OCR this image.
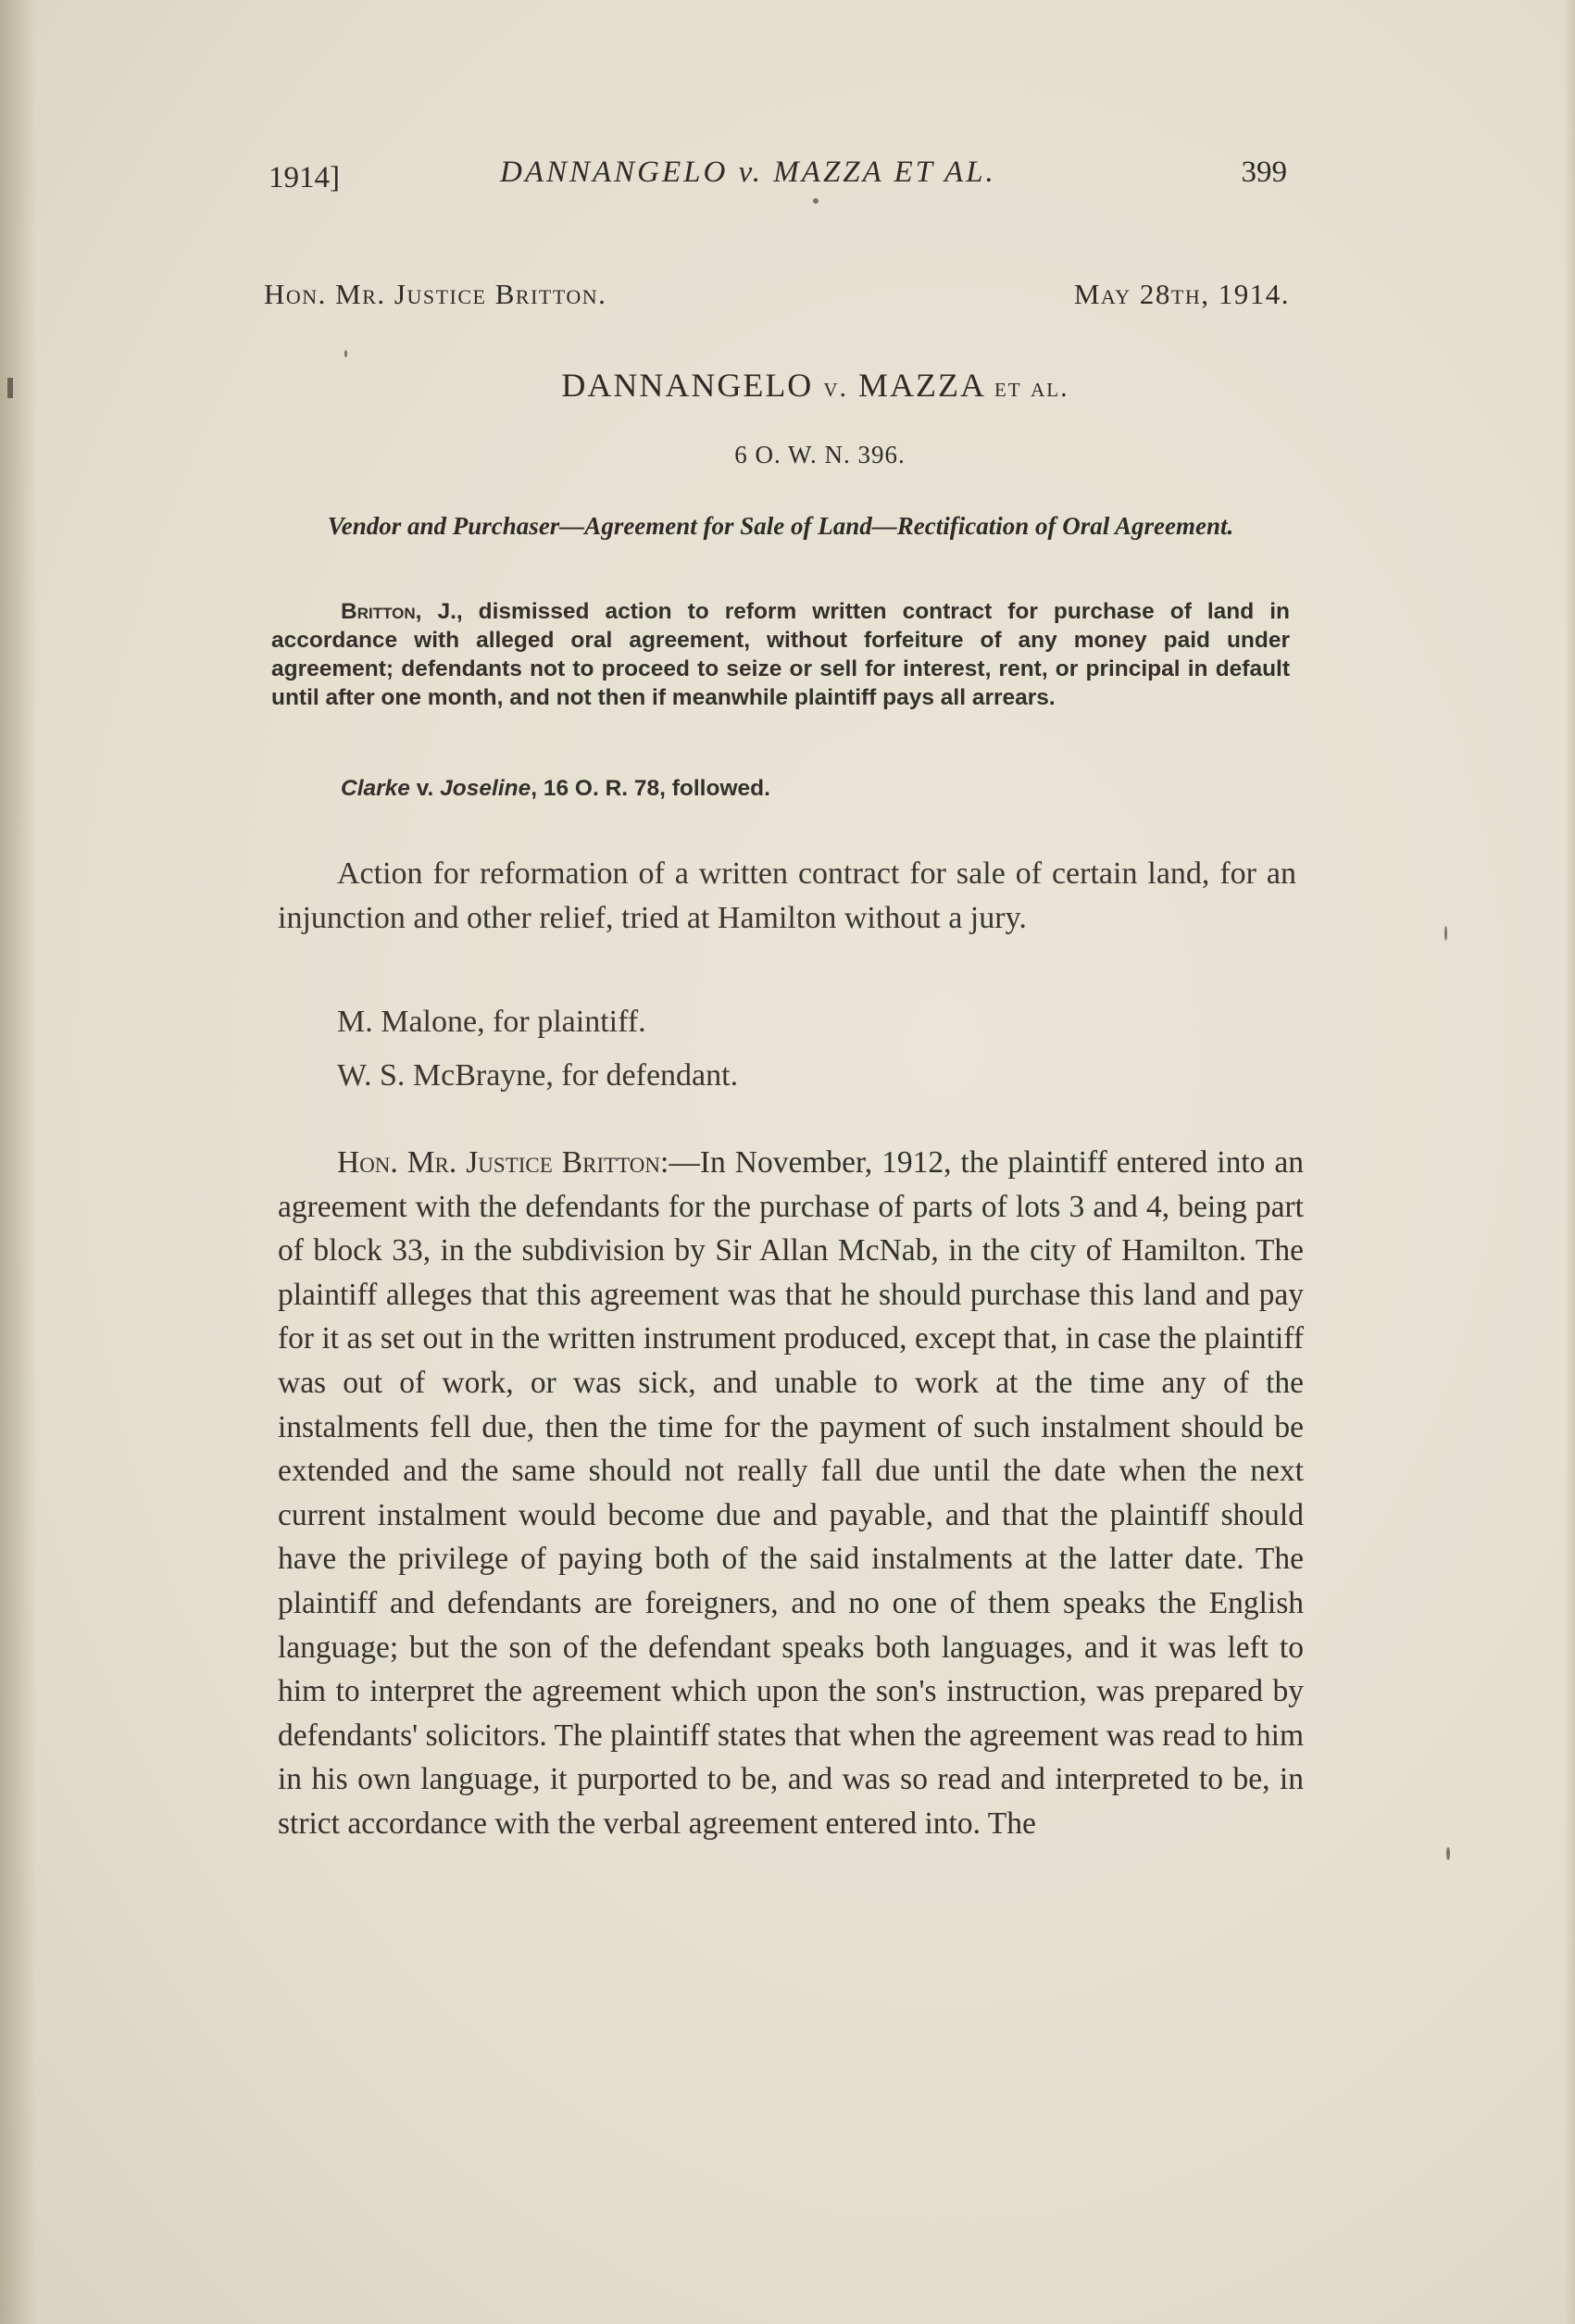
1914]	DANNANGELO v. MAZZA ET AL.	399
Hon. Mr. Justice Britton.	May 28th, 1914.
DANNANGELO v. MAZZA et al.
6 O. W. N. 396.
Vendor and Purchaser—Agreement for Sale of Land—Rectification of Oral Agreement.
Britton, J., dismissed action to reform written contract for purchase of land in accordance with alleged oral agreement, without forfeiture of any money paid under agreement; defendants not to proceed to seize or sell for interest, rent, or principal in default until after one month, and not then if meanwhile plaintiff pays all arrears.
Clarke v. Joseline, 16 O. R. 78, followed.
Action for reformation of a written contract for sale of certain land, for an injunction and other relief, tried at Hamilton without a jury.
M. Malone, for plaintiff.
W. S. McBrayne, for defendant.
Hon. Mr. Justice Britton:—In November, 1912, the plaintiff entered into an agreement with the defendants for the purchase of parts of lots 3 and 4, being part of block 33, in the subdivision by Sir Allan McNab, in the city of Hamilton. The plaintiff alleges that this agreement was that he should purchase this land and pay for it as set out in the written instrument produced, except that, in case the plaintiff was out of work, or was sick, and unable to work at the time any of the instalments fell due, then the time for the payment of such instalment should be extended and the same should not really fall due until the date when the next current instalment would become due and payable, and that the plaintiff should have the privilege of paying both of the said instalments at the latter date. The plaintiff and defendants are foreigners, and no one of them speaks the English language; but the son of the defendant speaks both languages, and it was left to him to interpret the agreement which upon the son's instruction, was prepared by defendants' solicitors. The plaintiff states that when the agreement was read to him in his own language, it purported to be, and was so read and interpreted to be, in strict accordance with the verbal agreement entered into. The
